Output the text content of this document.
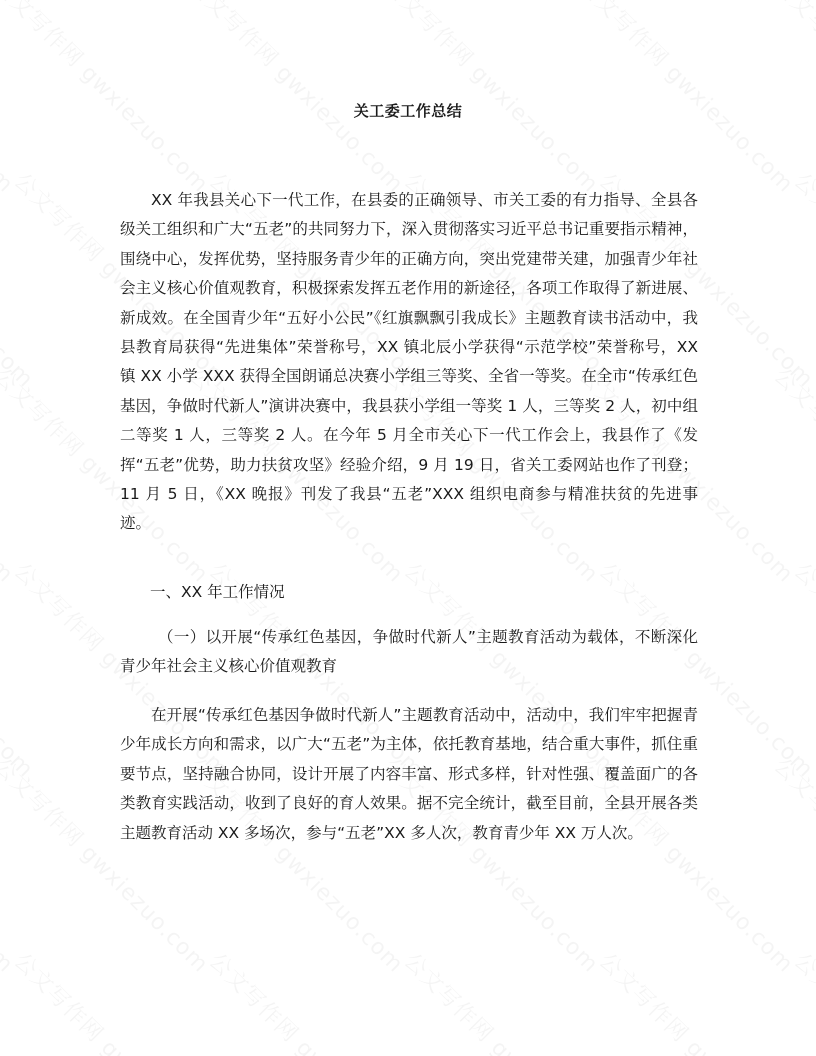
关工委工作总结
XX 年我县关心下一代工作，在县委的正确领导、市关工委的有力指导、全县各级关工组织和广大“五老”的共同努力下，深入贯彻落实习近平总书记重要指示精神，围绕中心，发挥优势，坚持服务青少年的正确方向，突出党建带关建，加强青少年社会主义核心价值观教育，积极探索发挥五老作用的新途径，各项工作取得了新进展、新成效。在全国青少年“五好小公民”《红旗飘飘引我成长》主题教育读书活动中，我县教育局获得“先进集体”荣誉称号，XX 镇北辰小学获得“示范学校”荣誉称号，XX 镇 XX 小学 XXX 获得全国朗诵总决赛小学组三等奖、全省一等奖。在全市“传承红色基因，争做时代新人”演讲决赛中，我县获小学组一等奖 1 人，三等奖 2 人，初中组二等奖 1 人，三等奖 2 人。在今年 5 月全市关心下一代工作会上，我县作了《发挥“五老”优势，助力扶贫攻坚》经验介绍，9 月 19 日，省关工委网站也作了刊登；11 月 5 日，《XX 晚报》刊发了我县“五老”XXX 组织电商参与精准扶贫的先进事迹。
一、XX 年工作情况
（一）以开展“传承红色基因，争做时代新人”主题教育活动为载体，不断深化青少年社会主义核心价值观教育
在开展“传承红色基因争做时代新人”主题教育活动中，活动中，我们牢牢把握青少年成长方向和需求，以广大“五老”为主体，依托教育基地，结合重大事件，抓住重要节点，坚持融合协同，设计开展了内容丰富、形式多样，针对性强、覆盖面广的各类教育实践活动，收到了良好的育人效果。据不完全统计，截至目前，全县开展各类主题教育活动 XX 多场次，参与“五老”XX 多人次，教育青少年 XX 万人次。
